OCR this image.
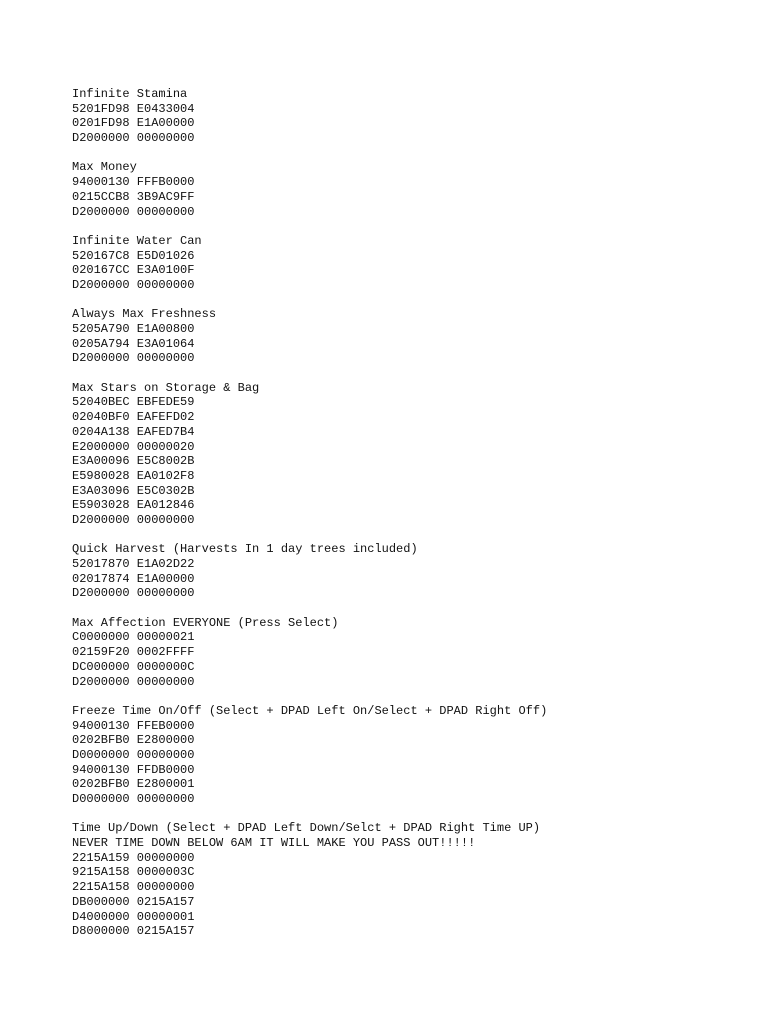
Infinite Stamina
5201FD98 E0433004
0201FD98 E1A00000
D2000000 00000000
Max Money
94000130 FFFB0000
0215CCB8 3B9AC9FF
D2000000 00000000
Infinite Water Can
520167C8 E5D01026
020167CC E3A0100F
D2000000 00000000
Always Max Freshness
5205A790 E1A00800
0205A794 E3A01064
D2000000 00000000
Max Stars on Storage & Bag
52040BEC EBFEDE59
02040BF0 EAFEFD02
0204A138 EAFED7B4
E2000000 00000020
E3A00096 E5C8002B
E5980028 EA0102F8
E3A03096 E5C0302B
E5903028 EA012846
D2000000 00000000
Quick Harvest (Harvests In 1 day trees included)
52017870 E1A02D22
02017874 E1A00000
D2000000 00000000
Max Affection EVERYONE (Press Select)
C0000000 00000021
02159F20 0002FFFF
DC000000 0000000C
D2000000 00000000
Freeze Time On/Off (Select + DPAD Left On/Select + DPAD Right Off)
94000130 FFEB0000
0202BFB0 E2800000
D0000000 00000000
94000130 FFDB0000
0202BFB0 E2800001
D0000000 00000000
Time Up/Down (Select + DPAD Left Down/Selct + DPAD Right Time UP)
NEVER TIME DOWN BELOW 6AM IT WILL MAKE YOU PASS OUT!!!!!
2215A159 00000000
9215A158 0000003C
2215A158 00000000
DB000000 0215A157
D4000000 00000001
D8000000 0215A157
